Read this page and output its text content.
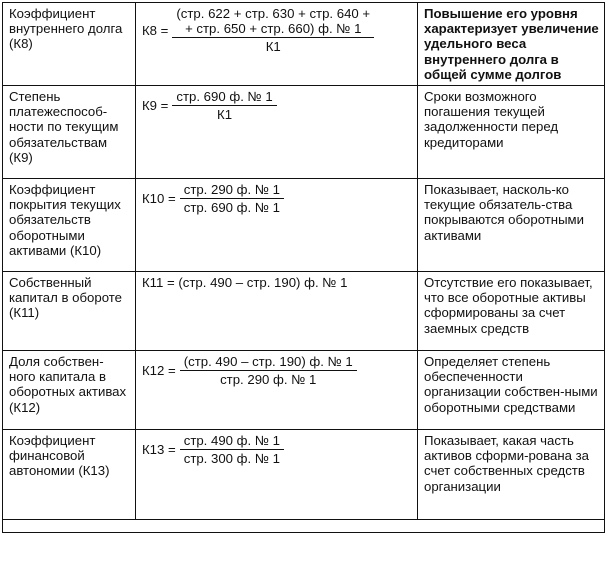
Коэффициент внутреннего долга (К8)	К8 =
(стр. 622 + стр. 630 + стр. 640 +
+ стр. 650 + стр. 660) ф. № 1
К1	Повышение его уровня характеризует увеличение удельного веса внутреннего долга в общей сумме долгов
Степень платежеспособ-ности по текущим обязательствам (К9)	$К9 = \frac{\text{стр. 690 ф. № 1}}{К1}$	Сроки возможного погашения текущей задолженности перед кредиторами
Коэффициент покрытия текущих обязательств оборотными активами (К10)	$К10 = \frac{\text{стр. 290 ф. № 1}}{\text{стр. 690 ф. № 1}}$	Показывает, насколь-ко текущие обязатель-ства покрываются оборотными активами
Собственный капитал в обороте (К11)	К11 = (стр. 490 – стр. 190) ф. № 1	Отсутствие его показывает, что все оборотные активы сформированы за счет заемных средств
Доля собствен-ного капитала в оборотных активах (К12)	$К12 = \frac{\text{(стр. 490 – стр. 190) ф. № 1}}{\text{стр. 290 ф. № 1}}$	Определяет степень обеспеченности организации собствен-ными оборотными средствами
Коэффициент финансовой автономии (К13)	$К13 = \frac{\text{стр. 490 ф. № 1}}{\text{стр. 300 ф. № 1}}$	Показывает, какая часть активов сформи-рована за счет собственных средств организации
